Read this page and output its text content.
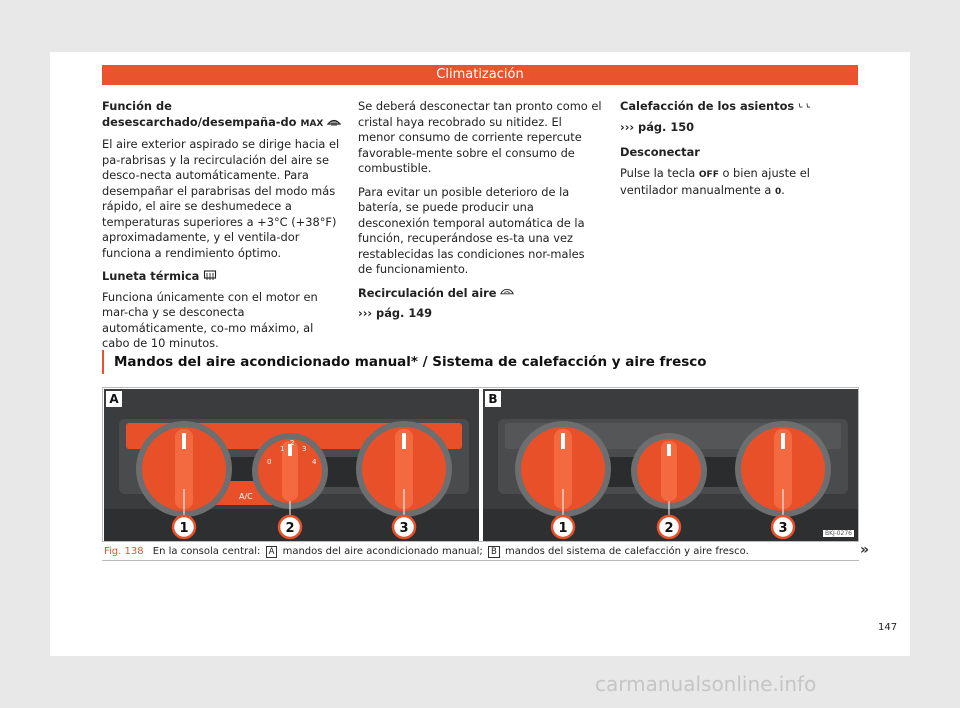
Climatización
Función de desescarchado/desempaña-do MAX

El aire exterior aspirado se dirige hacia el pa-rabrisas y la recirculación del aire se desco-necta automáticamente. Para desempañar el parabrisas del modo más rápido, el aire se deshumedece a temperaturas superiores a +3°C (+38°F) aproximadamente, y el ventila-dor funciona a rendimiento óptimo.

Luneta térmica

Funciona únicamente con el motor en mar-cha y se desconecta automáticamente, co-mo máximo, al cabo de 10 minutos.

Se deberá desconectar tan pronto como el cristal haya recobrado su nitidez. El menor consumo de corriente repercute favorable-mente sobre el consumo de combustible.

Para evitar un posible deterioro de la batería, se puede producir una desconexión temporal automática de la función, recuperándose es-ta una vez restablecidas las condiciones nor-males de funcionamiento.

Recirculación del aire

››› pág. 149

Calefacción de los asientos

››› pág. 150

Desconectar

Pulse la tecla OFF o bien ajuste el ventilador manualmente a 0.

Mandos del aire acondicionado manual* / Sistema de calefacción y aire fresco
A/C
0
1
2
3
4
1	2	3
A
1	2	3
B
BKJ-0276
Fig. 138 En la consola central: A mandos del aire acondicionado manual; B mandos del sistema de calefacción y aire fresco.	»
147
carmanualsonline.info
